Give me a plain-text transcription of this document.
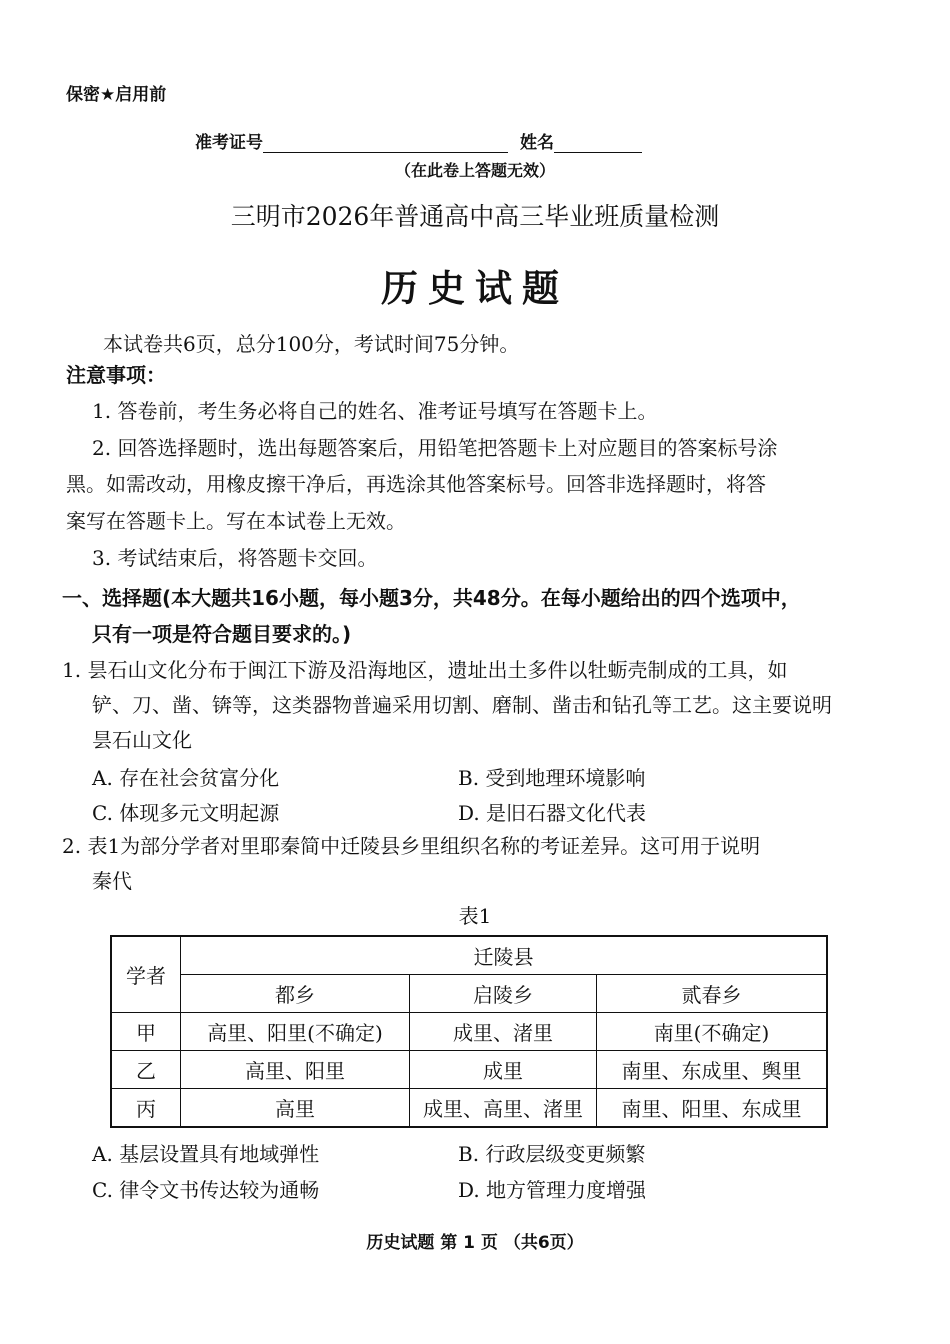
保密★启用前
准考证号	姓名
（在此卷上答题无效）
三明市2026年普通高中高三毕业班质量检测
历史试题
本试卷共6页，总分100分，考试时间75分钟。
注意事项：
1. 答卷前，考生务必将自己的姓名、准考证号填写在答题卡上。
2. 回答选择题时，选出每题答案后，用铅笔把答题卡上对应题目的答案标号涂
黑。如需改动，用橡皮擦干净后，再选涂其他答案标号。回答非选择题时，将答
案写在答题卡上。写在本试卷上无效。
3. 考试结束后，将答题卡交回。
一、选择题(本大题共16小题，每小题3分，共48分。在每小题给出的四个选项中，
只有一项是符合题目要求的。)
1. 昙石山文化分布于闽江下游及沿海地区，遗址出土多件以牡蛎壳制成的工具，如
铲、刀、凿、锛等，这类器物普遍采用切割、磨制、凿击和钻孔等工艺。这主要说明
昙石山文化
A. 存在社会贫富分化	B. 受到地理环境影响
C. 体现多元文明起源	D. 是旧石器文化代表
2. 表1为部分学者对里耶秦简中迁陵县乡里组织名称的考证差异。这可用于说明
秦代
表1
学者	迁陵县		
	都乡	启陵乡	贰春乡
甲	高里、阳里(不确定)	成里、渚里	南里(不确定)
乙	高里、阳里	成里	南里、东成里、舆里
丙	高里	成里、高里、渚里	南里、阳里、东成里
A. 基层设置具有地域弹性	B. 行政层级变更频繁
C. 律令文书传达较为通畅	D. 地方管理力度增强
历史试题 第 1 页 （共6页）
